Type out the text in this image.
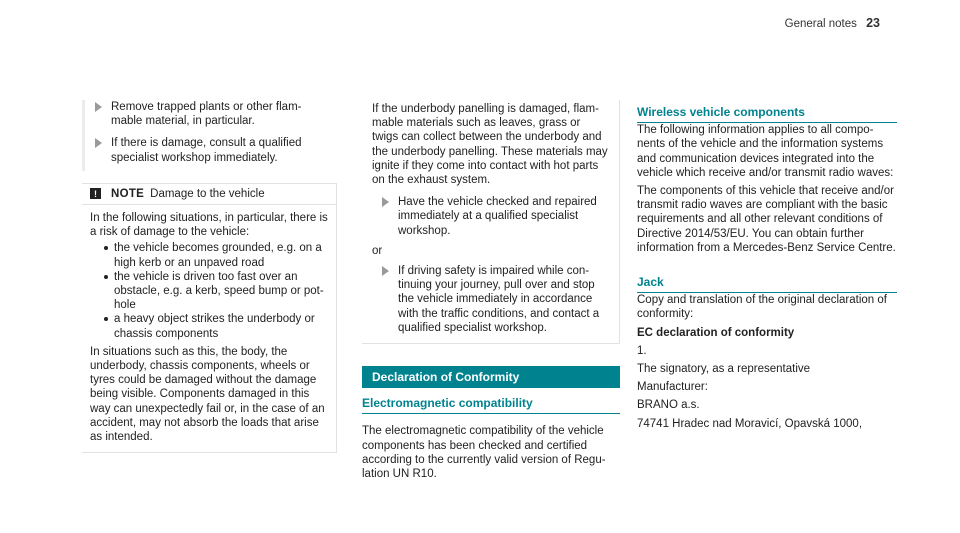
General notes 23
Remove trapped plants or other flam-
mable material, in particular.
If there is damage, consult a qualified
specialist workshop immediately.
!	NOTE Damage to the vehicle

In the following situations, in particular, there is a risk of damage to the vehicle:

the vehicle becomes grounded, e.g. on a high kerb or an unpaved road
the vehicle is driven too fast over an obstacle, e.g. a kerb, speed bump or pot-hole
a heavy object strikes the underbody or chassis components

In situations such as this, the body, the underbody, chassis components, wheels or tyres could be damaged without the damage being visible. Components damaged in this way can unexpectedly fail or, in the case of an accident, may not absorb the loads that arise as intended.

If the underbody panelling is damaged, flam-mable materials such as leaves, grass or twigs can collect between the underbody and the underbody panelling. These materials may ignite if they come into contact with hot parts on the exhaust system.

Have the vehicle checked and repaired immediately at a qualified specialist workshop.

or

If driving safety is impaired while con-tinuing your journey, pull over and stop the vehicle immediately in accordance with the traffic conditions, and contact a qualified specialist workshop.
Declaration of Conformity
Electromagnetic compatibility

The electromagnetic compatibility of the vehicle components has been checked and certified according to the currently valid version of Regu-lation UN R10.

Wireless vehicle components

The following information applies to all compo-nents of the vehicle and the information systems and communication devices integrated into the vehicle which receive and/or transmit radio waves:

The components of this vehicle that receive and/or transmit radio waves are compliant with the basic requirements and all other relevant conditions of Directive 2014/53/EU. You can obtain further information from a Mercedes-Benz Service Centre.

Jack

Copy and translation of the original declaration of conformity:

EC declaration of conformity

1.

The signatory, as a representative

Manufacturer:

BRANO a.s.

74741 Hradec nad Moravicí, Opavská 1000,
